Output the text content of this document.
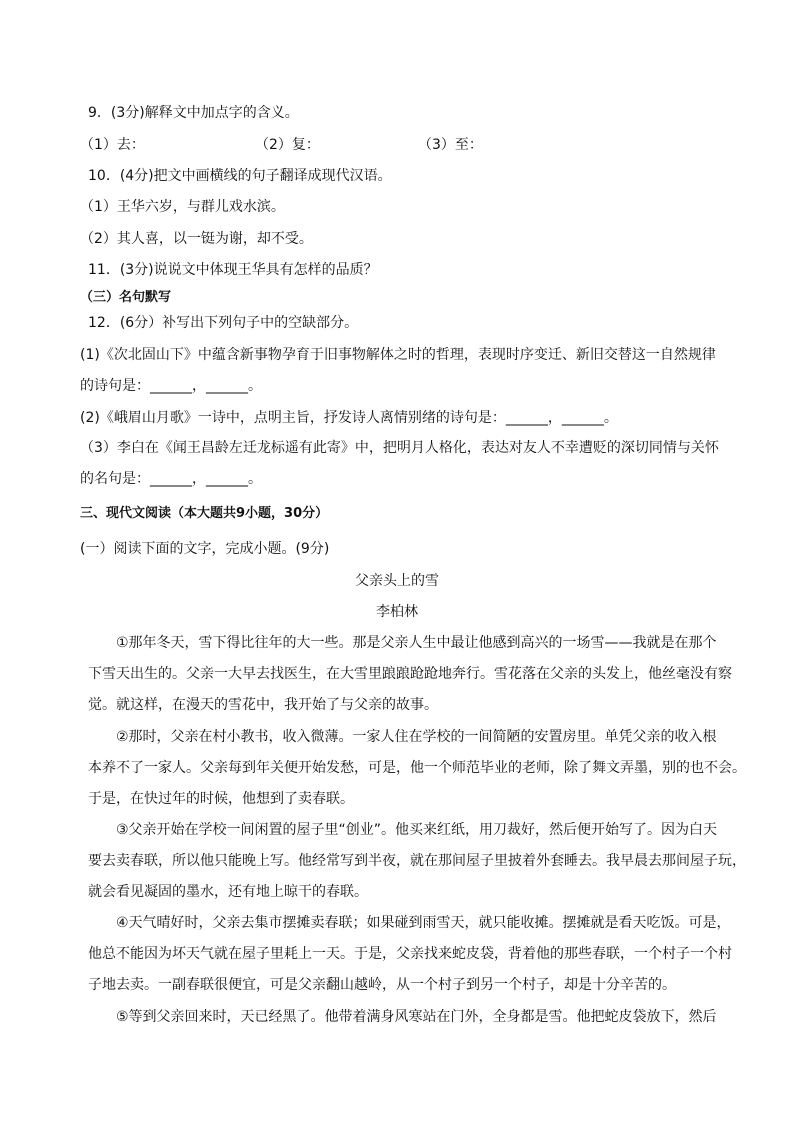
9．(3分)解释文中加点字的含义。
（1）去：	（2）复：	（3）至：
10．(4分)把文中画横线的句子翻译成现代汉语。
（1）王华六岁，与群儿戏水滨。
（2）其人喜，以一铤为谢，却不受。
11．(3分)说说文中体现王华具有怎样的品质？
（三）名句默写
12．(6分）补写出下列句子中的空缺部分。
(1)《次北固山下》中蕴含新事物孕育于旧事物解体之时的哲理，表现时序变迁、新旧交替这一自然规律
的诗句是：______，______。
(2)《峨眉山月歌》一诗中，点明主旨，抒发诗人离情别绪的诗句是：______，______。
（3）李白在《闻王昌龄左迁龙标遥有此寄》中，把明月人格化，表达对友人不幸遭贬的深切同情与关怀
的名句是：______，______。
三、现代文阅读（本大题共9小题，30分）
(一）阅读下面的文字，完成小题。(9分)
父亲头上的雪
李柏林
①那年冬天，雪下得比往年的大一些。那是父亲人生中最让他感到高兴的一场雪——我就是在那个
下雪天出生的。父亲一大早去找医生，在大雪里踉踉跄跄地奔行。雪花落在父亲的头发上，他丝毫没有察
觉。就这样，在漫天的雪花中，我开始了与父亲的故事。
②那时，父亲在村小教书，收入微薄。一家人住在学校的一间简陋的安置房里。单凭父亲的收入根
本养不了一家人。父亲每到年关便开始发愁，可是，他一个师范毕业的老师，除了舞文弄墨，别的也不会。
于是，在快过年的时候，他想到了卖春联。
③父亲开始在学校一间闲置的屋子里“创业”。他买来红纸，用刀裁好，然后便开始写了。因为白天
要去卖春联，所以他只能晚上写。他经常写到半夜，就在那间屋子里披着外套睡去。我早晨去那间屋子玩，
就会看见凝固的墨水，还有地上晾干的春联。
④天气晴好时，父亲去集市摆摊卖春联；如果碰到雨雪天，就只能收摊。摆摊就是看天吃饭。可是，
他总不能因为坏天气就在屋子里耗上一天。于是，父亲找来蛇皮袋，背着他的那些春联，一个村子一个村
子地去卖。一副春联很便宜，可是父亲翻山越岭，从一个村子到另一个村子，却是十分辛苦的。
⑤等到父亲回来时，天已经黑了。他带着满身风寒站在门外，全身都是雪。他把蛇皮袋放下，然后
